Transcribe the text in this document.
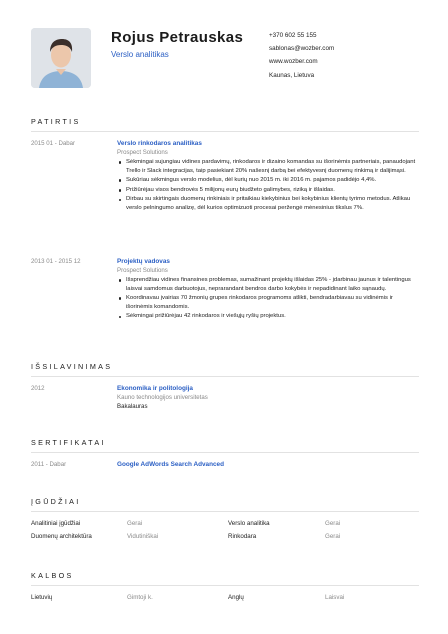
Rojus Petrauskas
Verslo analitikas
+370 602 55 155
sablonas@wozber.com
www.wozber.com
Kaunas, Lietuva
PATIRTIS
2015 01 - Dabar	Verslo rinkodaros analitikas
Prospect Solutions
Sėkmingai sujungiau vidines pardavimų, rinkodaros ir dizaino komandas su išorinėmis partneriais, panaudojant Trello ir Slack integracijas, taip pasiekiant 20% našesnį darbą bei efektyvesnį duomenų rinkimą ir dalijimąsi.
Sukūriau sėkmingus verslo modelius, dėl kurių nuo 2015 m. iki 2016 m. pajamos padidėjo 4,4%.
Prižiūrėjau visos bendrovės 5 milijonų eurų biudžeto galimybes, riziką ir išlaidas.
Dirbau su skirtingais duomenų rinkiniais ir pritaikiau kiekybinius bei kokybinius klientų tyrimo metodus. Atlikau verslo pelningumo analizę, dėl kurios optimizuoti procesai peržengė mėnesinius tikslus 7%.
2013 01 - 2015 12	Projektų vadovas
Prospect Solutions
Išsprendžiau vidines finansines problemas, sumažinant projektų išlaidas 25% - įdarbinau jaunus ir talentingus laisvai samdomus darbuotojus, neprarandant bendros darbo kokybės ir nepadidinant laiko sąnaudų.
Koordinavau įvairias 70 žmonių grupes rinkodaros programoms atlikti, bendradarbiavau su vidinėmis ir išorinėmis komandomis.
Sėkmingai prižiūrėjau 42 rinkodaros ir viešųjų ryšių projektus.
IŠSILAVINIMAS
2012	Ekonomika ir politologija
Kauno technologijos universitetas
Bakalauras
SERTIFIKATAI
2011 - Dabar	Google AdWords Search Advanced
ĮGŪDŽIAI
Analitiniai įgūdžiai	Gerai	Verslo analitika	Gerai
Duomenų architektūra	Vidutiniškai	Rinkodara	Gerai
KALBOS
Lietuvių	Gimtoji k.	Anglų	Laisvai
